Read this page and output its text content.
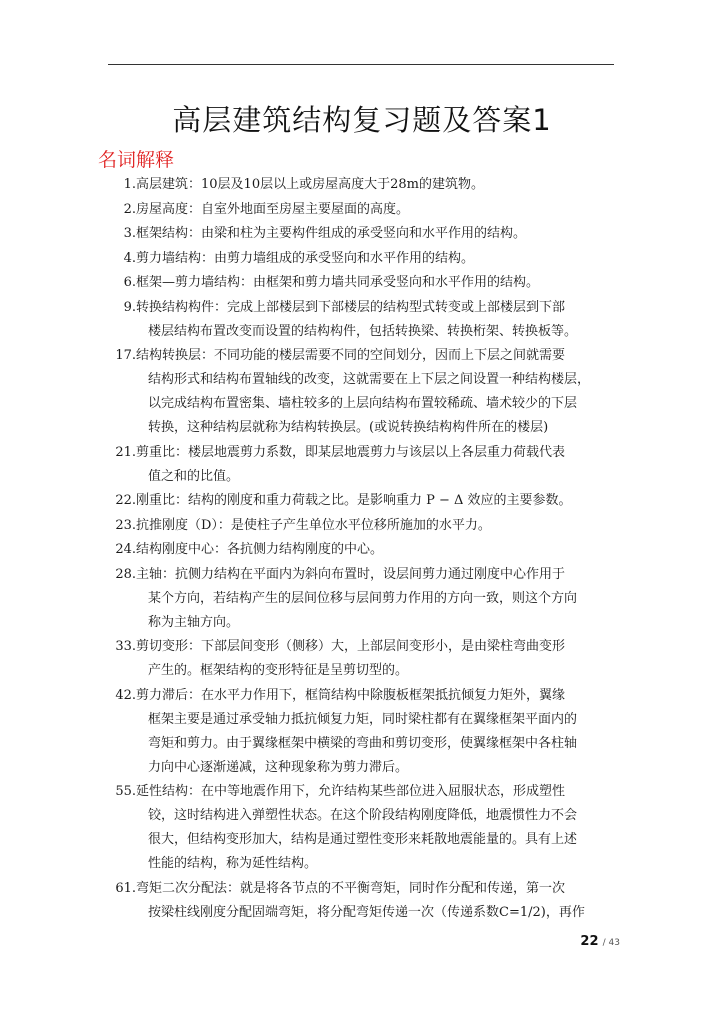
高层建筑结构复习题及答案1
名词解释
1. 高层建筑：10层及10层以上或房屋高度大于28m的建筑物。
2. 房屋高度：自室外地面至房屋主要屋面的高度。
3. 框架结构：由梁和柱为主要构件组成的承受竖向和水平作用的结构。
4. 剪力墙结构：由剪力墙组成的承受竖向和水平作用的结构。
6. 框架—剪力墙结构：由框架和剪力墙共同承受竖向和水平作用的结构。
9. 转换结构构件：完成上部楼层到下部楼层的结构型式转变或上部楼层到下部
楼层结构布置改变而设置的结构构件，包括转换梁、转换桁架、转换板等。
17. 结构转换层：不同功能的楼层需要不同的空间划分，因而上下层之间就需要
结构形式和结构布置轴线的改变，这就需要在上下层之间设置一种结构楼层，
以完成结构布置密集、墙柱较多的上层向结构布置较稀疏、墙术较少的下层
转换，这种结构层就称为结构转换层。(或说转换结构构件所在的楼层)
21. 剪重比：楼层地震剪力系数，即某层地震剪力与该层以上各层重力荷载代表
值之和的比值。
22. 刚重比：结构的刚度和重力荷载之比。是影响重力 P − Δ 效应的主要参数。
23. 抗推刚度（D）：是使柱子产生单位水平位移所施加的水平力。
24. 结构刚度中心：各抗侧力结构刚度的中心。
28. 主轴：抗侧力结构在平面内为斜向布置时，设层间剪力通过刚度中心作用于
某个方向，若结构产生的层间位移与层间剪力作用的方向一致，则这个方向
称为主轴方向。
33. 剪切变形：下部层间变形（侧移）大，上部层间变形小，是由梁柱弯曲变形
产生的。框架结构的变形特征是呈剪切型的。
42. 剪力滞后：在水平力作用下，框筒结构中除腹板框架抵抗倾复力矩外，翼缘
框架主要是通过承受轴力抵抗倾复力矩，同时梁柱都有在翼缘框架平面内的
弯矩和剪力。由于翼缘框架中横梁的弯曲和剪切变形，使翼缘框架中各柱轴
力向中心逐渐递减，这种现象称为剪力滞后。
55. 延性结构：在中等地震作用下，允许结构某些部位进入屈服状态，形成塑性
铰，这时结构进入弹塑性状态。在这个阶段结构刚度降低，地震惯性力不会
很大，但结构变形加大，结构是通过塑性变形来耗散地震能量的。具有上述
性能的结构，称为延性结构。
61. 弯矩二次分配法：就是将各节点的不平衡弯矩，同时作分配和传递，第一次
按梁柱线刚度分配固端弯矩，将分配弯矩传递一次（传递系数C=1/2)，再作
22 / 43
